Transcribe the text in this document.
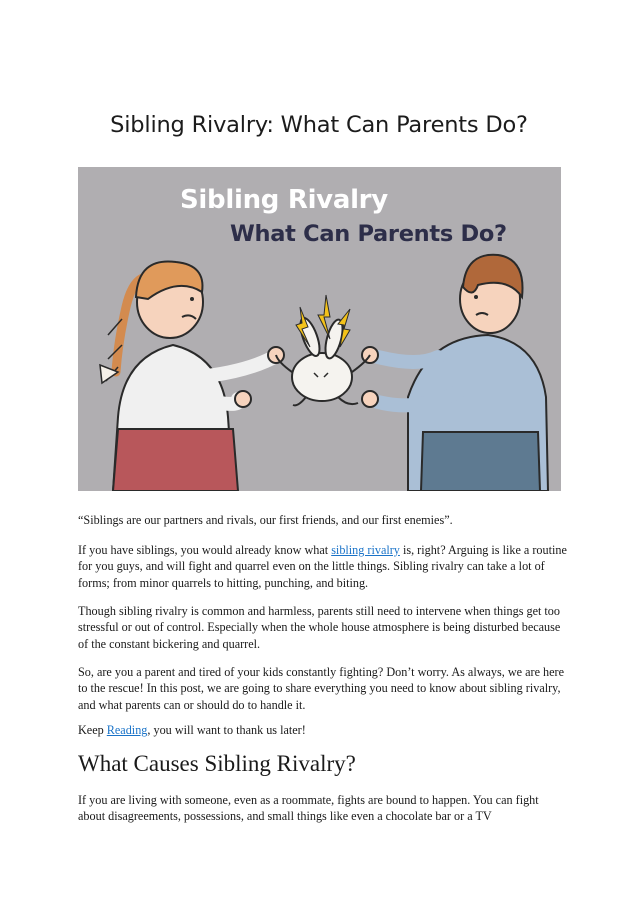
Sibling Rivalry: What Can Parents Do?
Sibling Rivalry
What Can Parents Do?

“Siblings are our partners and rivals, our first friends, and our first enemies”.

If you have siblings, you would already know what sibling rivalry is, right? Arguing is like a routine for you guys, and will fight and quarrel even on the little things. Sibling rivalry can take a lot of forms; from minor quarrels to hitting, punching, and biting.

Though sibling rivalry is common and harmless, parents still need to intervene when things get too stressful or out of control. Especially when the whole house atmosphere is being disturbed because of the constant bickering and quarrel.

So, are you a parent and tired of your kids constantly fighting? Don’t worry. As always, we are here to the rescue! In this post, we are going to share everything you need to know about sibling rivalry, and what parents can or should do to handle it.

Keep Reading, you will want to thank us later!

What Causes Sibling Rivalry?

If you are living with someone, even as a roommate, fights are bound to happen. You can fight about disagreements, possessions, and small things like even a chocolate bar or a TV
